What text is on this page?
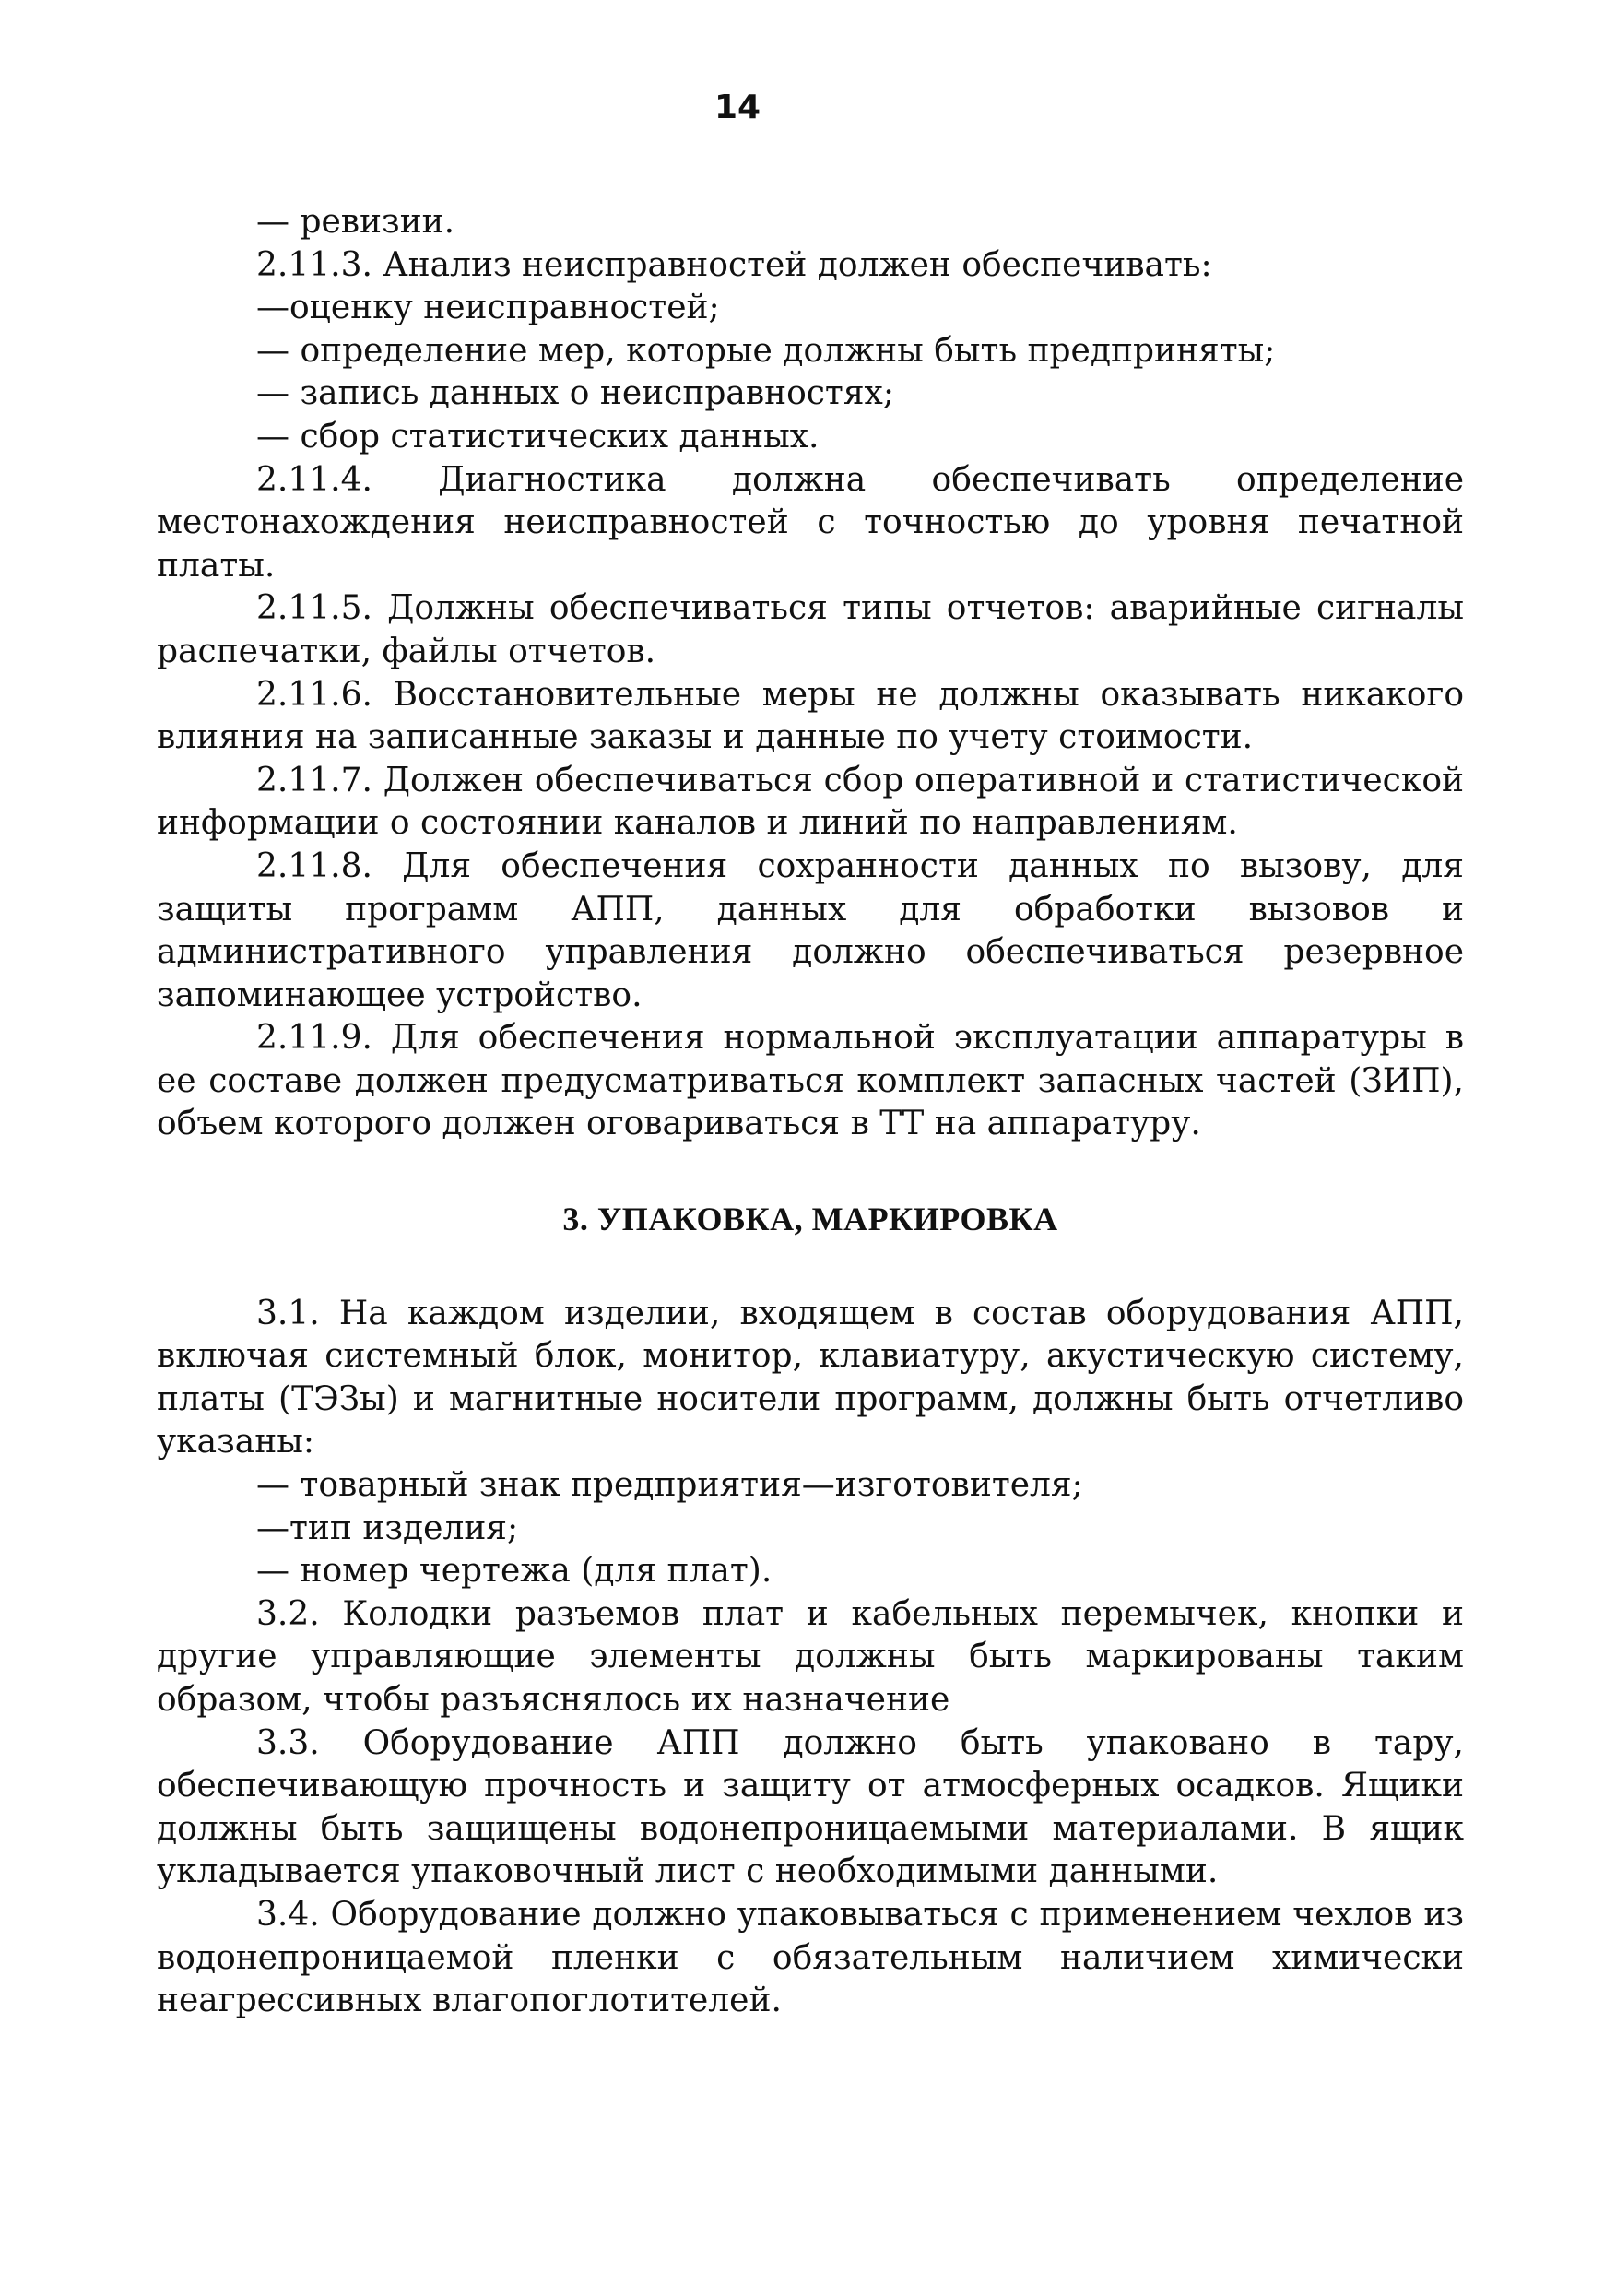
14

— ревизии.

2.11.3. Анализ неисправностей должен обеспечивать:

—оценку неисправностей;

— определение мер, которые должны быть предприняты;

— запись данных о неисправностях;

— сбор статистических данных.

2.11.4. Диагностика должна обеспечивать определение местонахождения неисправностей с точностью до уровня печатной платы.

2.11.5. Должны обеспечиваться типы отчетов: аварийные сигналы распечатки, файлы отчетов.

2.11.6. Восстановительные меры не должны оказывать никакого влияния на записанные заказы и данные по учету стоимости.

2.11.7. Должен обеспечиваться сбор оперативной и статистической информации о состоянии каналов и линий по направлениям.

2.11.8. Для обеспечения сохранности данных по вызову, для защиты программ АПП, данных для обработки вызовов и административного управления должно обеспечиваться резервное запоминающее устройство.

2.11.9. Для обеспечения нормальной эксплуатации аппаратуры в ее составе должен предусматриваться комплект запасных частей (ЗИП), объем которого должен оговариваться в ТТ на аппаратуру.

3. УПАКОВКА, МАРКИРОВКА

3.1. На каждом изделии, входящем в состав оборудования АПП, включая системный блок, монитор, клавиатуру, акустическую систему, платы (ТЭЗы) и магнитные носители программ, должны быть отчетливо указаны:

— товарный знак предприятия—изготовителя;

—тип изделия;

— номер чертежа (для плат).

3.2. Колодки разъемов плат и кабельных перемычек, кнопки и другие управляющие элементы должны быть маркированы таким образом, чтобы разъяснялось их назначение

3.3. Оборудование АПП должно быть упаковано в тару, обеспечивающую прочность и защиту от атмосферных осадков. Ящики должны быть защищены водонепроницаемыми материалами. В ящик укладывается упаковочный лист с необходимыми данными.

3.4. Оборудование должно упаковываться с применением чехлов из водонепроницаемой пленки с обязательным наличием химически неагрессивных влагопоглотителей.
